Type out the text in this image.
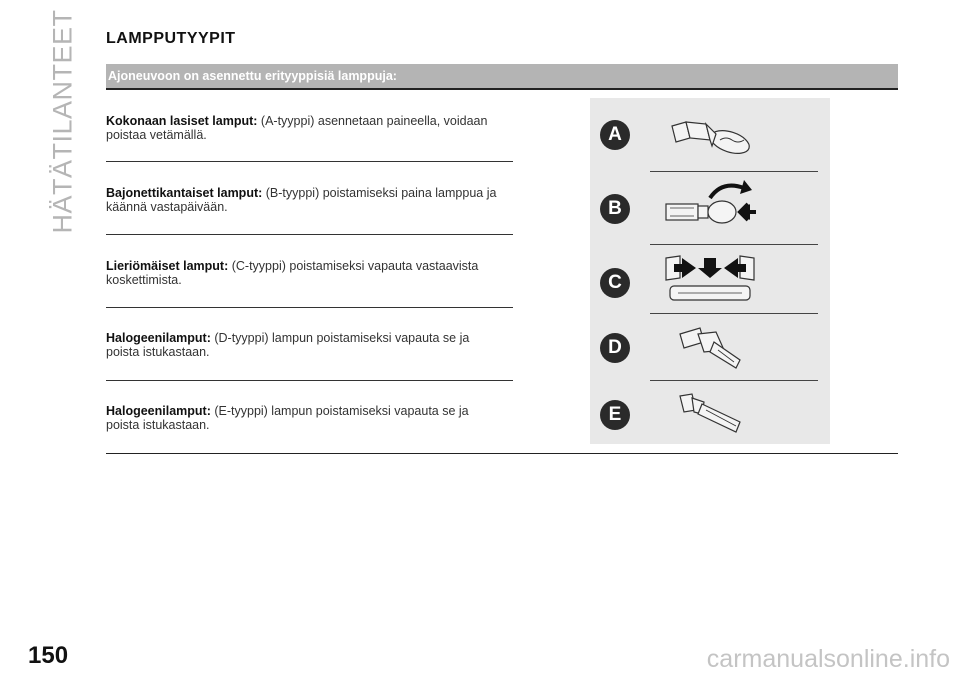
HÄTÄTILANTEET LAMPPUTYYPIT
Ajoneuvoon on asennettu erityyppisiä lamppuja:
Kokonaan lasiset lamput: (A-tyyppi) asennetaan paineella, voidaan
poistaa vetämällä.
Bajonettikantaiset lamput: (B-tyyppi) poistamiseksi paina lamppua ja
käännä vastapäivään.
Lieriömäiset lamput: (C-tyyppi) poistamiseksi vapauta vastaavista
koskettimista.
Halogeenilamput: (D-tyyppi) lampun poistamiseksi vapauta se ja
poista istukastaan.
Halogeenilamput: (E-tyyppi) lampun poistamiseksi vapauta se ja
poista istukastaan.
A
B
C
D
E
150	carmanualsonline.info
